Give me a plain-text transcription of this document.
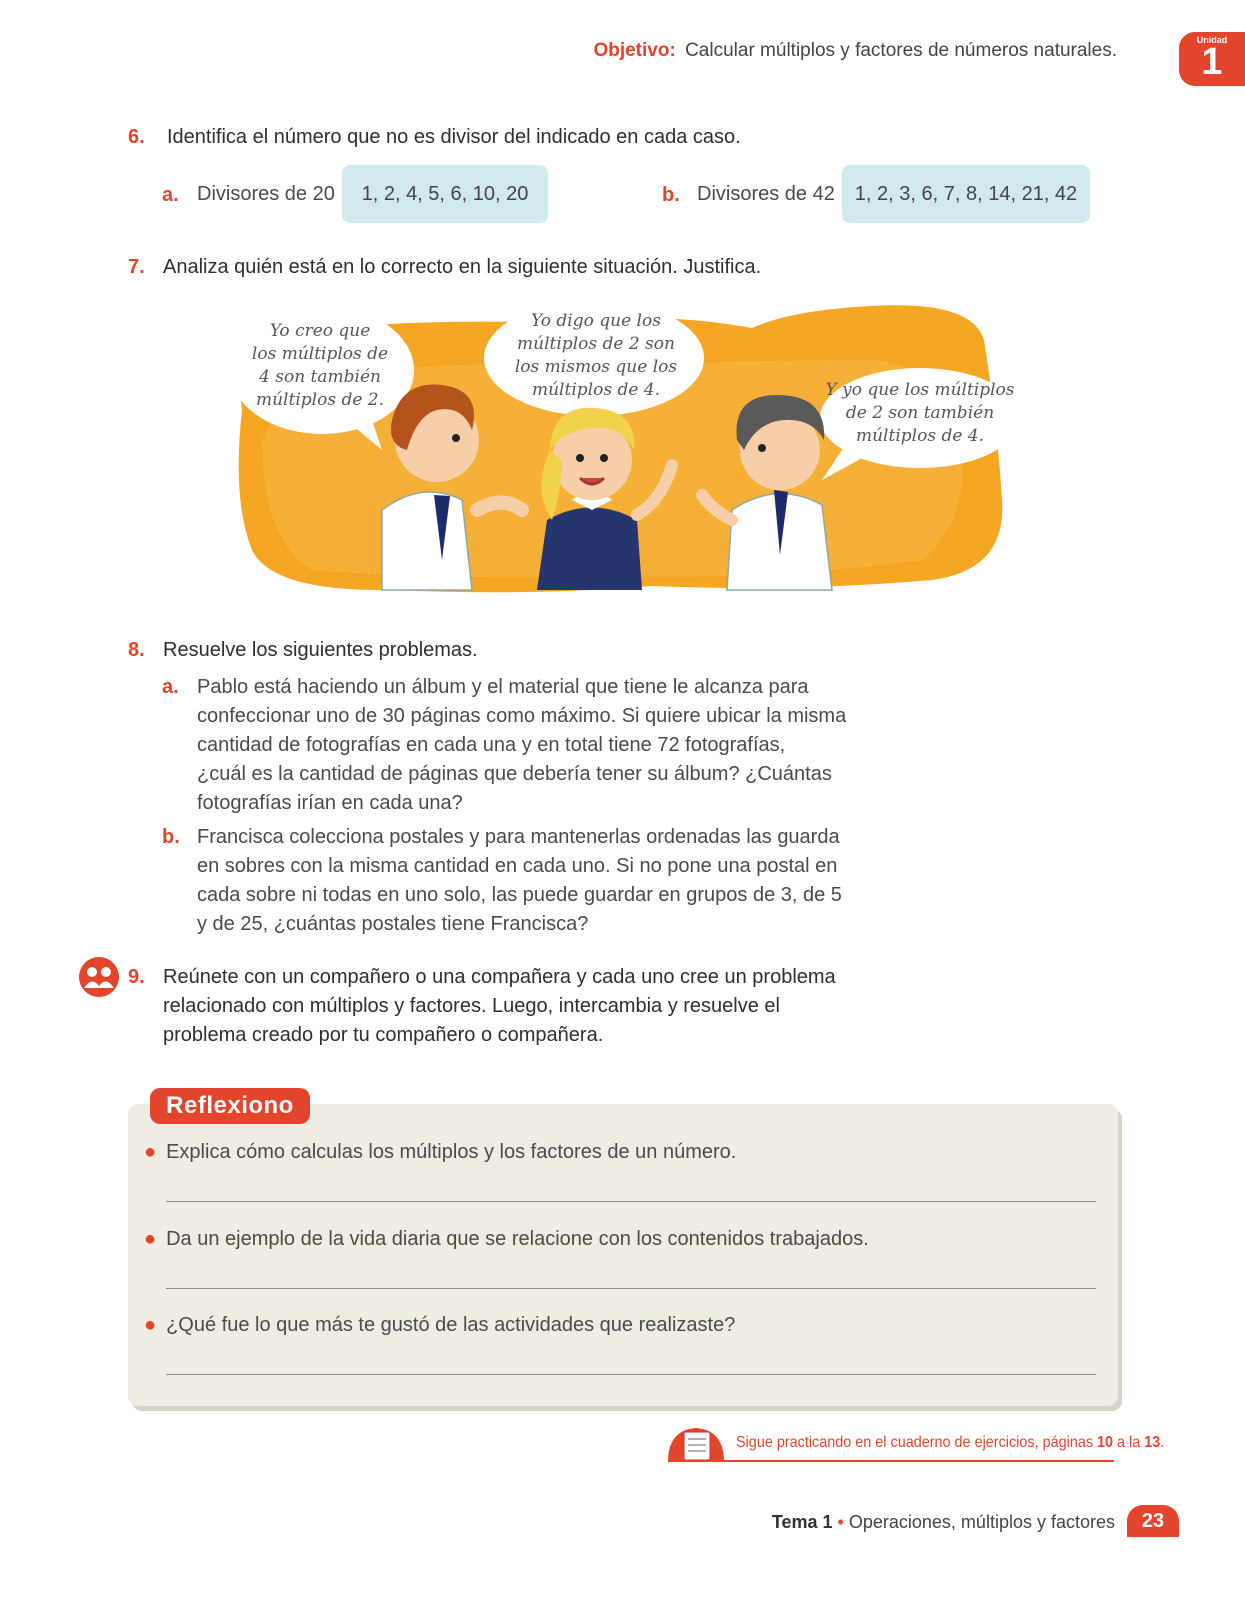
Objetivo: Calcular múltiplos y factores de números naturales.	Unidad
1
6. Identifica el número que no es divisor del indicado en cada caso.
a. Divisores de 20	1, 2, 4, 5, 6, 10, 20	b. Divisores de 42 1, 2, 3, 6, 7, 8, 14, 21, 42
7. Analiza quién está en lo correcto en la siguiente situación. Justifica.
Yo creo que
los múltiplos de
4 son también
múltiplos de 2.
Yo digo que los
múltiplos de 2 son
los mismos que los
múltiplos de 4.	Y yo que los múltiplos
de 2 son también
múltiplos de 4.
8. Resuelve los siguientes problemas.
a. Pablo está haciendo un álbum y el material que tiene le alcanza para
confeccionar uno de 30 páginas como máximo. Si quiere ubicar la misma
cantidad de fotografías en cada una y en total tiene 72 fotografías,
¿cuál es la cantidad de páginas que debería tener su álbum? ¿Cuántas
fotografías irían en cada una?
b. Francisca colecciona postales y para mantenerlas ordenadas las guarda
en sobres con la misma cantidad en cada uno. Si no pone una postal en
cada sobre ni todas en uno solo, las puede guardar en grupos de 3, de 5
y de 25, ¿cuántas postales tiene Francisca?
9. Reúnete con un compañero o una compañera y cada uno cree un problema
relacionado con múltiplos y factores. Luego, intercambia y resuelve el
problema creado por tu compañero o compañera.
Reflexiono
● Explica cómo calculas los múltiplos y los factores de un número.
● Da un ejemplo de la vida diaria que se relacione con los contenidos trabajados.
● ¿Qué fue lo que más te gustó de las actividades que realizaste?
Sigue practicando en el cuaderno de ejercicios, páginas 10 a la 13.
Tema 1 • Operaciones, múltiplos y factores	23
